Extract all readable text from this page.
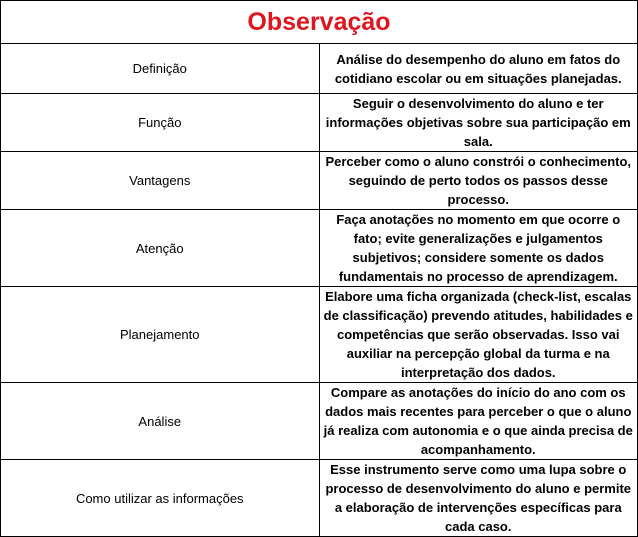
Observação	
Definição	Análise do desempenho do aluno em fatos do cotidiano escolar ou em situações planejadas.
Função	Seguir o desenvolvimento do aluno e ter informações objetivas sobre sua participação em sala.
Vantagens	Perceber como o aluno constrói o conhecimento, seguindo de perto todos os passos desse processo.
Atenção	Faça anotações no momento em que ocorre o fato; evite generalizações e julgamentos subjetivos; considere somente os dados fundamentais no processo de aprendizagem.
Planejamento	Elabore uma ficha organizada (check-list, escalas de classificação) prevendo atitudes, habilidades e competências que serão observadas. Isso vai auxiliar na percepção global da turma e na interpretação dos dados.
Análise	Compare as anotações do início do ano com os dados mais recentes para perceber o que o aluno já realiza com autonomia e o que ainda precisa de acompanhamento.
Como utilizar as informações	Esse instrumento serve como uma lupa sobre o processo de desenvolvimento do aluno e permite a elaboração de intervenções específicas para cada caso.
